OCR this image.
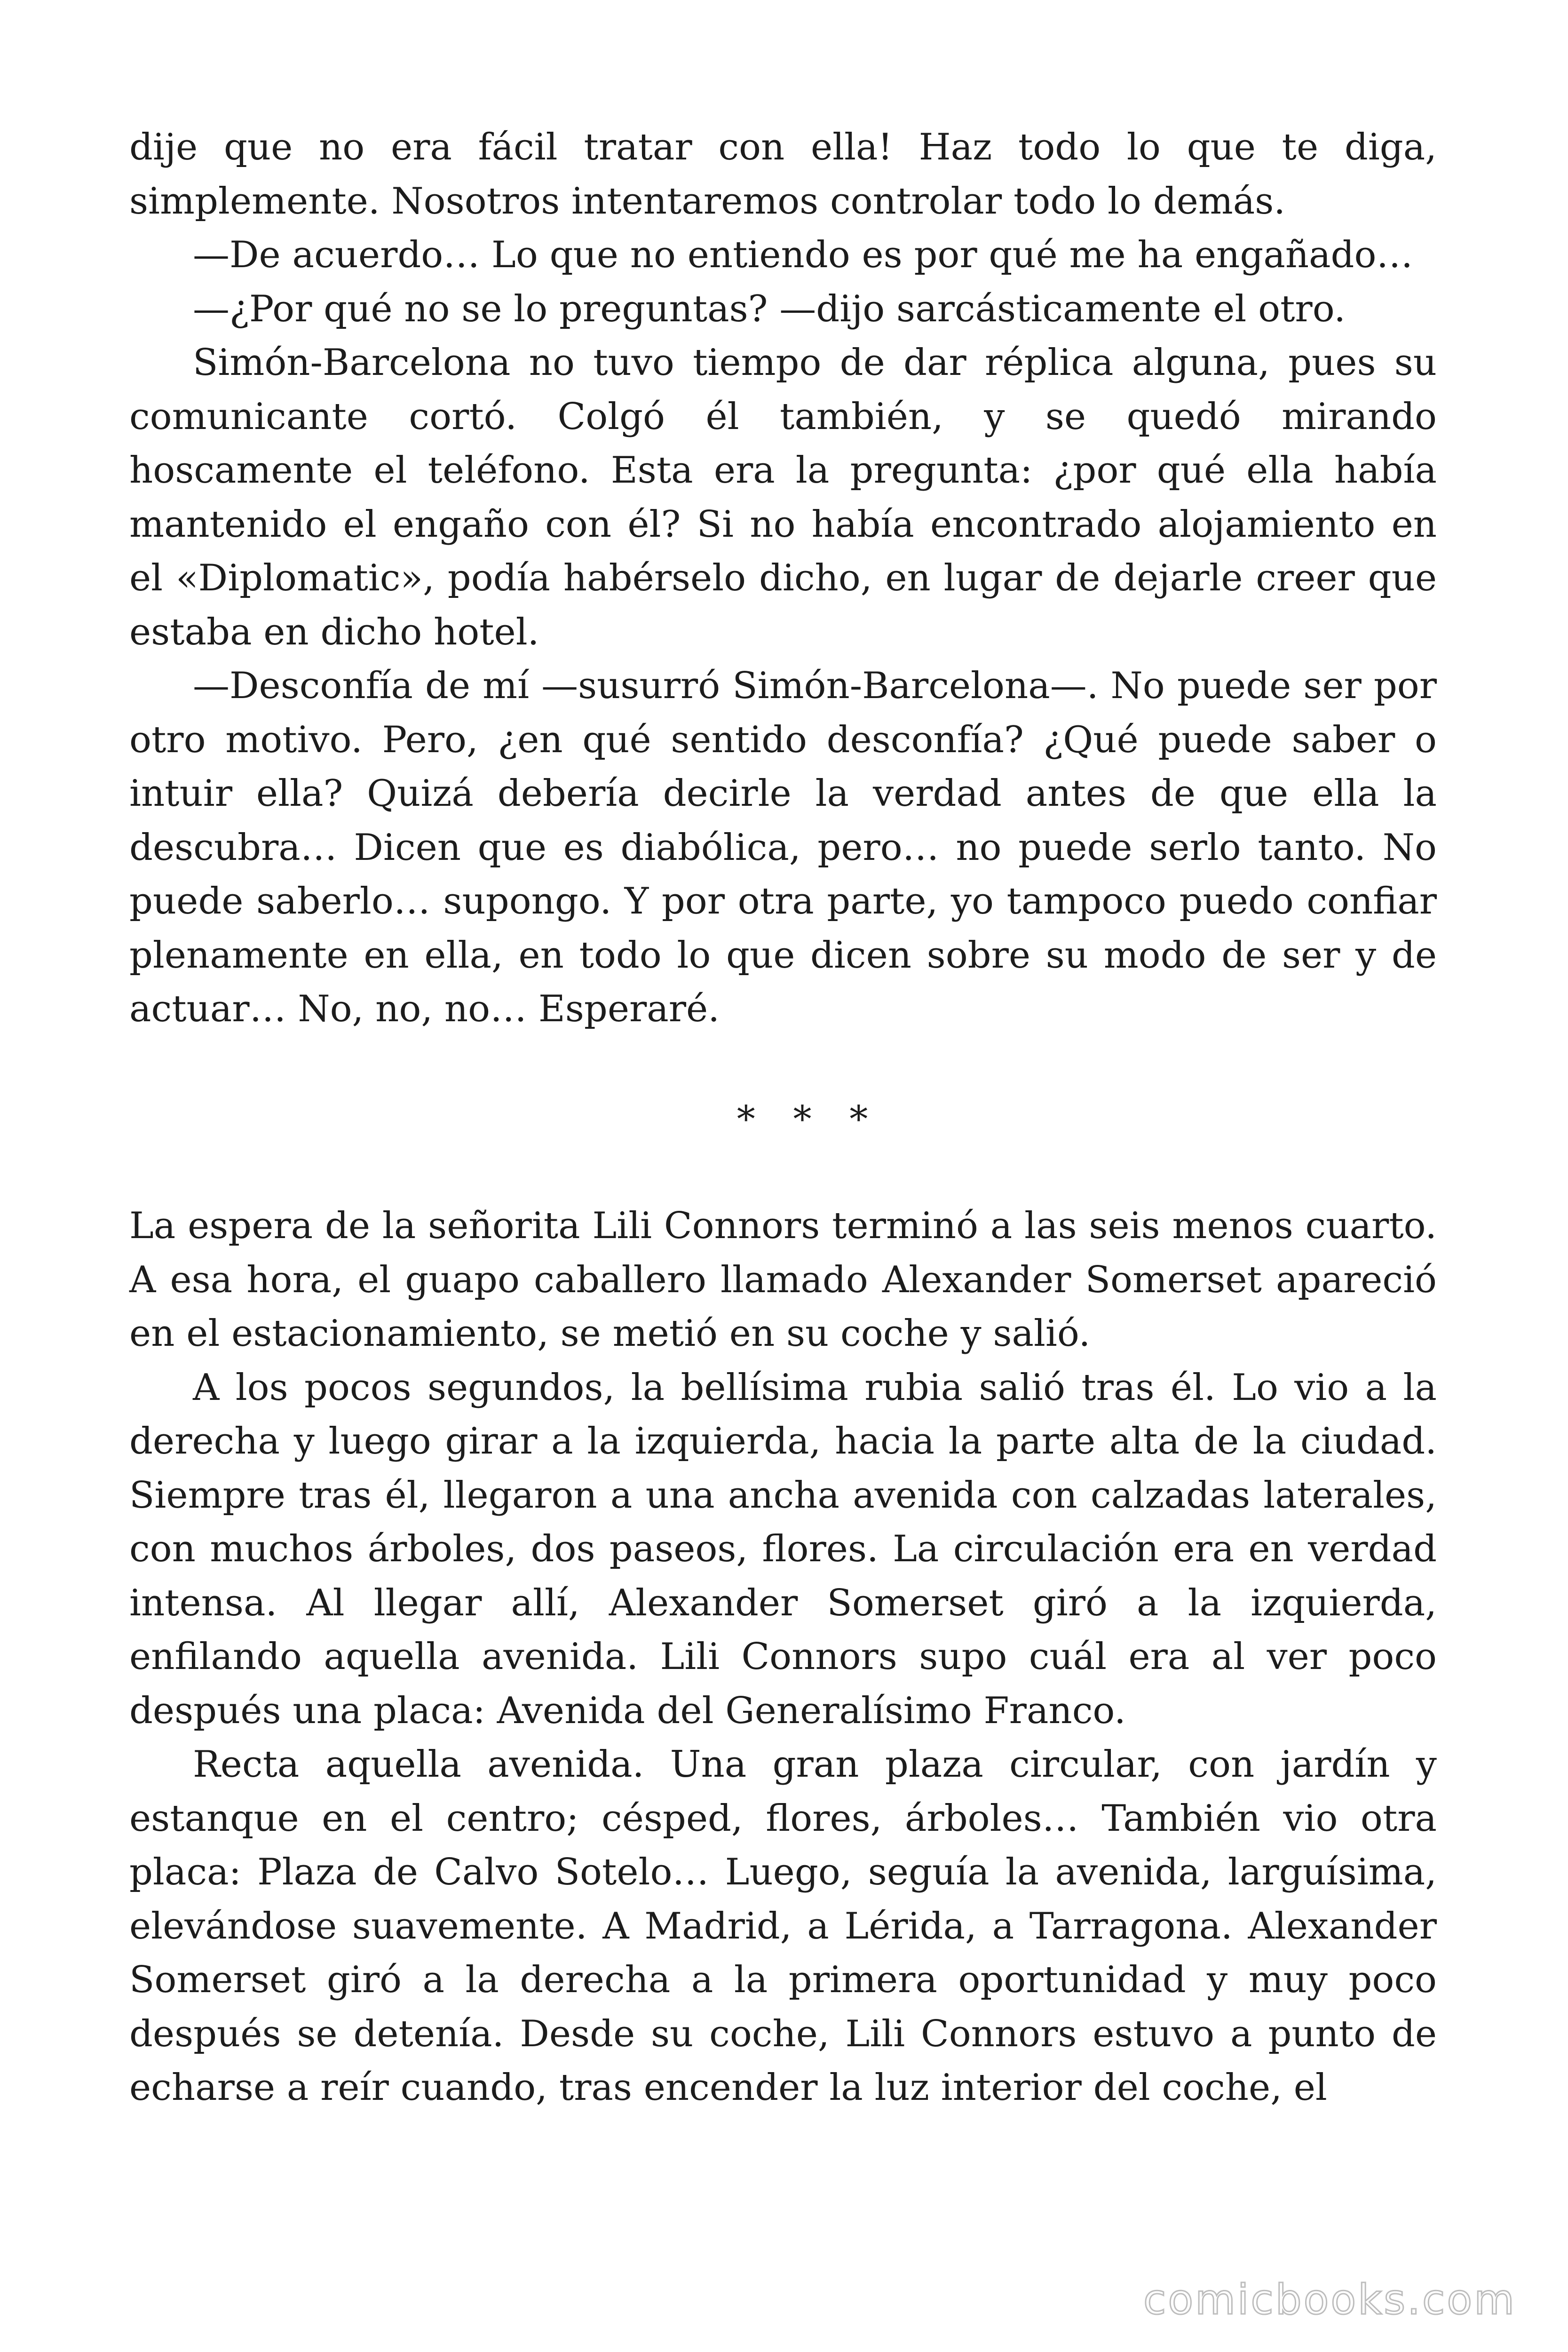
dije que no era fácil tratar con ella! Haz todo lo que te diga, simplemente. Nosotros intentaremos controlar todo lo demás.

—De acuerdo… Lo que no entiendo es por qué me ha engañado…

—¿Por qué no se lo preguntas? —dijo sarcásticamente el otro.

Simón-Barcelona no tuvo tiempo de dar réplica alguna, pues su comunicante cortó. Colgó él también, y se quedó mirando hoscamente el teléfono. Esta era la pregunta: ¿por qué ella había mantenido el engaño con él? Si no había encontrado alojamiento en el «Diplomatic», podía habérselo dicho, en lugar de dejarle creer que estaba en dicho hotel.

—Desconfía de mí —susurró Simón-Barcelona—. No puede ser por otro motivo. Pero, ¿en qué sentido desconfía? ¿Qué puede saber o intuir ella? Quizá debería decirle la verdad antes de que ella la descubra… Dicen que es diabólica, pero… no puede serlo tanto. No puede saberlo… supongo. Y por otra parte, yo tampoco puedo confiar plenamente en ella, en todo lo que dicen sobre su modo de ser y de actuar… No, no, no… Esperaré.

* * *

La espera de la señorita Lili Connors terminó a las seis menos cuarto. A esa hora, el guapo caballero llamado Alexander Somerset apareció en el estacionamiento, se metió en su coche y salió.

A los pocos segundos, la bellísima rubia salió tras él. Lo vio a la derecha y luego girar a la izquierda, hacia la parte alta de la ciudad. Siempre tras él, llegaron a una ancha avenida con calzadas laterales, con muchos árboles, dos paseos, flores. La circulación era en verdad intensa. Al llegar allí, Alexander Somerset giró a la izquierda, enfilando aquella avenida. Lili Connors supo cuál era al ver poco después una placa: Avenida del Generalísimo Franco.

Recta aquella avenida. Una gran plaza circular, con jardín y estanque en el centro; césped, flores, árboles… También vio otra placa: Plaza de Calvo Sotelo… Luego, seguía la avenida, larguísima, elevándose suavemente. A Madrid, a Lérida, a Tarragona. Alexander Somerset giró a la derecha a la primera oportunidad y muy poco después se detenía. Desde su coche, Lili Connors estuvo a punto de echarse a reír cuando, tras encender la luz interior del coche, el

comicbooks.com
